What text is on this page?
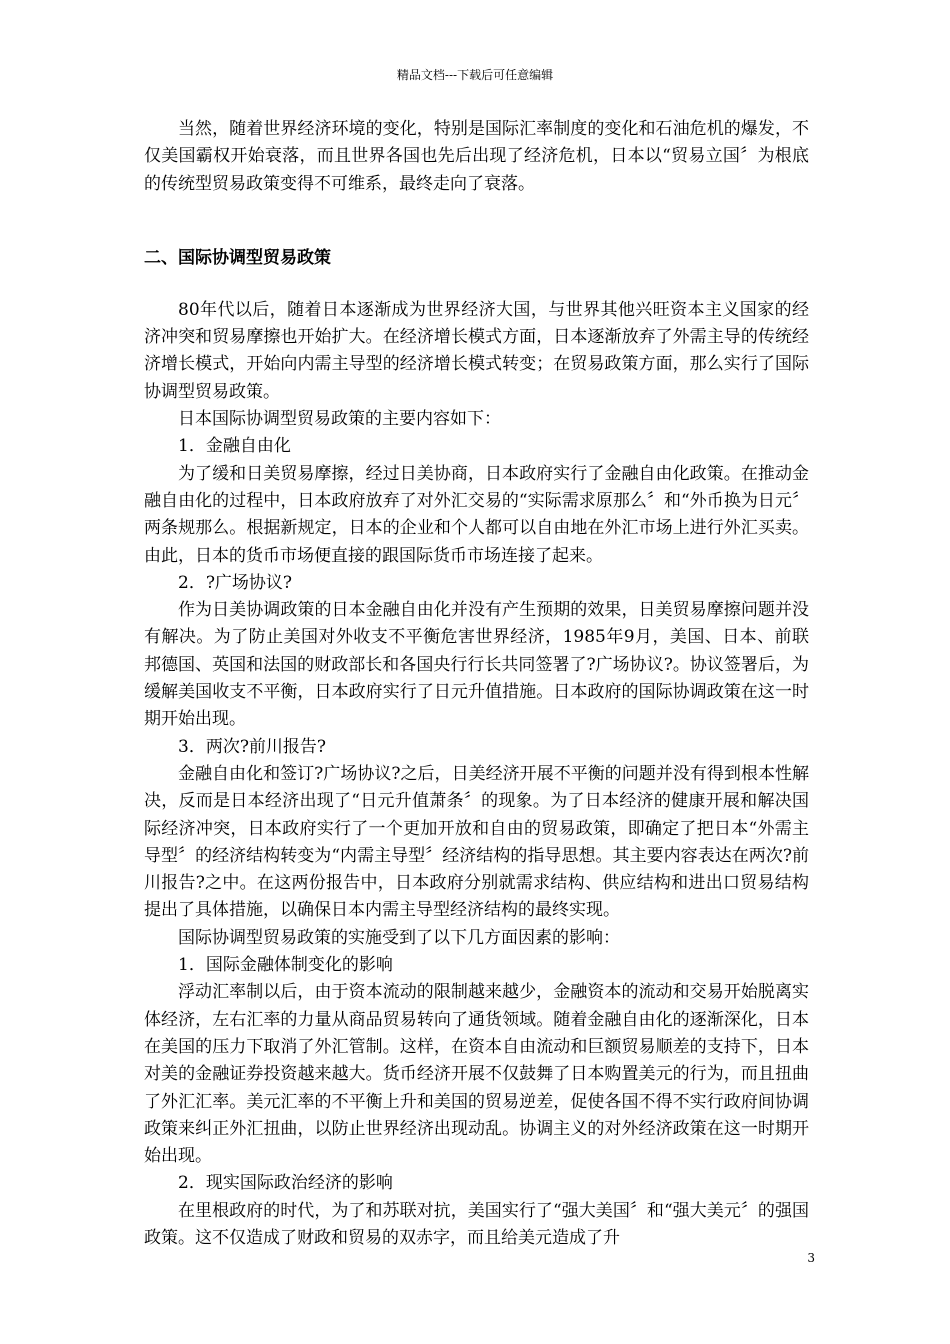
精品文档---下载后可任意编辑

当然，随着世界经济环境的变化，特别是国际汇率制度的变化和石油危机的爆发，不仅美国霸权开始衰落，而且世界各国也先后出现了经济危机，日本以“贸易立国〞为根底的传统型贸易政策变得不可维系，最终走向了衰落。

二、国际协调型贸易政策

80年代以后，随着日本逐渐成为世界经济大国，与世界其他兴旺资本主义国家的经济冲突和贸易摩擦也开始扩大。在经济增长模式方面，日本逐渐放弃了外需主导的传统经济增长模式，开始向内需主导型的经济增长模式转变；在贸易政策方面，那么实行了国际协调型贸易政策。

日本国际协调型贸易政策的主要内容如下：

1．金融自由化

为了缓和日美贸易摩擦，经过日美协商，日本政府实行了金融自由化政策。在推动金融自由化的过程中，日本政府放弃了对外汇交易的“实际需求原那么〞和“外币换为日元〞两条规那么。根据新规定，日本的企业和个人都可以自由地在外汇市场上进行外汇买卖。由此，日本的货币市场便直接的跟国际货币市场连接了起来。

2．?广场协议?

作为日美协调政策的日本金融自由化并没有产生预期的效果，日美贸易摩擦问题并没有解决。为了防止美国对外收支不平衡危害世界经济，1985年9月，美国、日本、前联邦德国、英国和法国的财政部长和各国央行行长共同签署了?广场协议?。协议签署后，为缓解美国收支不平衡，日本政府实行了日元升值措施。日本政府的国际协调政策在这一时期开始出现。

3．两次?前川报告?

金融自由化和签订?广场协议?之后，日美经济开展不平衡的问题并没有得到根本性解决，反而是日本经济出现了“日元升值萧条〞的现象。为了日本经济的健康开展和解决国际经济冲突，日本政府实行了一个更加开放和自由的贸易政策，即确定了把日本“外需主导型〞的经济结构转变为“内需主导型〞经济结构的指导思想。其主要内容表达在两次?前川报告?之中。在这两份报告中，日本政府分别就需求结构、供应结构和进出口贸易结构提出了具体措施，以确保日本内需主导型经济结构的最终实现。

国际协调型贸易政策的实施受到了以下几方面因素的影响：

1．国际金融体制变化的影响

浮动汇率制以后，由于资本流动的限制越来越少，金融资本的流动和交易开始脱离实体经济，左右汇率的力量从商品贸易转向了通货领域。随着金融自由化的逐渐深化，日本在美国的压力下取消了外汇管制。这样，在资本自由流动和巨额贸易顺差的支持下，日本对美的金融证券投资越来越大。货币经济开展不仅鼓舞了日本购置美元的行为，而且扭曲了外汇汇率。美元汇率的不平衡上升和美国的贸易逆差，促使各国不得不实行政府间协调政策来纠正外汇扭曲，以防止世界经济出现动乱。协调主义的对外经济政策在这一时期开始出现。

2．现实国际政治经济的影响

在里根政府的时代，为了和苏联对抗，美国实行了“强大美国〞和“强大美元〞的强国政策。这不仅造成了财政和贸易的双赤字，而且给美元造成了升

3
